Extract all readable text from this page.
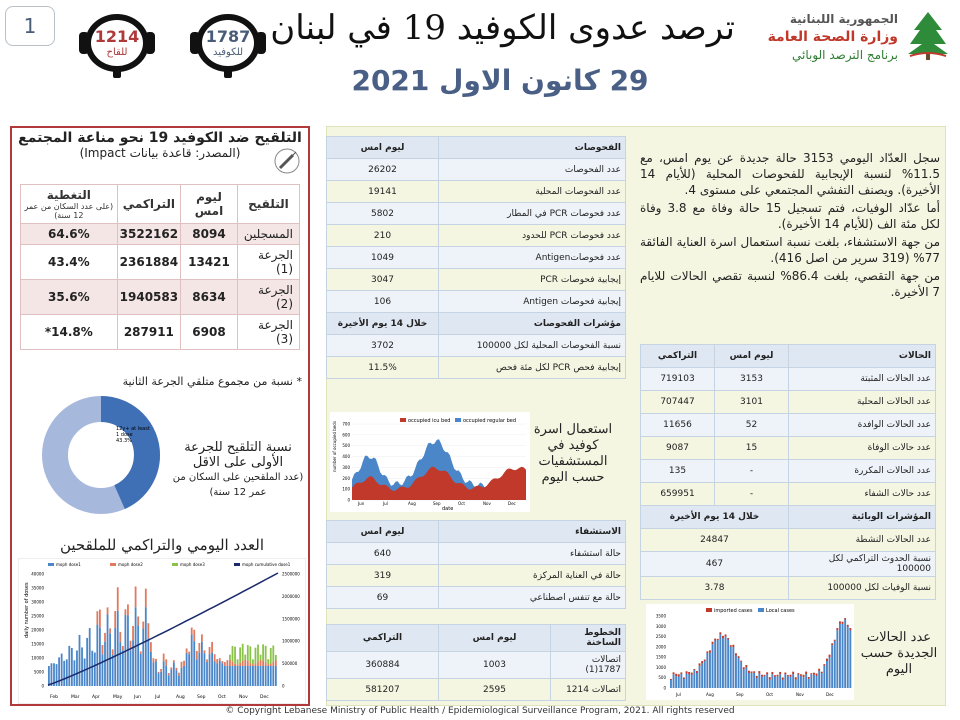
1	1214
للقاح
1787
للكوفيد
ترصد عدوى الكوفيد 19 في لبنان
29 كانون الاول 2021
الجمهورية اللبنانية
وزارة الصحة العامة
برنامج الترصد الوبائي
التلقيح ضد الكوفيد 19 نحو مناعة المجتمع
(المصدر: قاعدة بيانات Impact)
التلقيح	ليوم امس	التراكمي	التغطية
(على عدد السكان من عمر 12 سنة)

المسجلين	8094	3522162	64.6%
الجرعة (1)	13421	2361884	43.4%
الجرعة (2)	8634	1940583	35.6%
الجرعة (3)	6908	287911	14.8%*
* نسبة من مجموع متلقي الجرعة الثانية
12y+ at least
1 dose
43.3%	نسبة التلقيح للجرعة الأولى على الاقل
(عدد الملقحين على السكان من عمر 12 سنة)
العدد اليومي والتراكمي للملقحين
moph dose1	moph dose2	moph dose3	moph cumulative dose1
daily number of doses
0
5000
10000
15000
20000
25000
30000
35000
40000
0
500000
1000000
1500000
2000000
2500000
Feb	Mar	Apr	May	Jun	Jul	Aug	Sep	Oct	Nov	Dec
الفحوصات	ليوم امس
عدد الفحوصات	26202
عدد الفحوصات المحلية	19141
عدد فحوصات PCR في المطار	5802
عدد فحوصات PCR للحدود	210
عدد فحوصاتAntigen	1049
إيجابية فحوصات PCR	3047
إيجابية فحوصات Antigen	106
مؤشرات الفحوصات	خلال 14 يوم الأخيرة
نسبة الفحوصات المحلية لكل 100000	3702
إيجابية فحص PCR لكل مئة فحص	11.5%
occupied icu bed	occupied regular bed
number of occupied beds
0
100
200
300
400
500
600
700
Jun	Jul	Aug	Sep	Oct	Nov	Dec
date
استعمال اسرة كوفيد في المستشفيات حسب اليوم
الاستشفاء	ليوم امس
حالة استشفاء	640
حالة في العناية المركزة	319
حالة مع تنفس اصطناعي	69
الخطوط الساخنة	ليوم امس	التراكمي
اتصالات 1787(1)	1003	360884
اتصالات 1214	2595	581207

سجل العدّاد اليومي 3153 حالة جديدة عن يوم امس، مع 11.5% لنسبة الإيجابية للفحوصات المحلية (للأيام 14 الأخيرة). ويصنف التفشي المجتمعي على مستوى 4.

أما عدّاد الوفيات، فتم تسجيل 15 حالة وفاة مع 3.8 وفاة لكل مئة الف (للأيام 14 الأخيرة).

من جهة الاستشفاء، بلغت نسبة استعمال اسرة العناية الفائقة 77% (319 سرير من اصل 416).

من جهة التقصي، بلغت 86.4% لنسبة تقصي الحالات للايام 7 الأخيرة.

الحالات	ليوم امس	التراكمي
عدد الحالات المثبتة	3153	719103
عدد الحالات المحلية	3101	707447
عدد الحالات الوافدة	52	11656
عدد حالات الوفاة	15	9087
عدد الحالات المكررة	-	135
عدد حالات الشفاء	-	659951
المؤشرات الوبائية	خلال 14 يوم الأخيرة	
عدد الحالات النشطة	24847	
نسبة الحدوث التراكمي لكل 100000	467	
نسبة الوفيات لكل 100000	3.78	
imported cases	Local cases
0
500
1000
1500
2000
2500
3000
3500
Jul	Aug	Sep	Oct	Nov	Dec
عدد الحالات الجديدة حسب اليوم
© Copyright Lebanese Ministry of Public Health / Epidemiological Surveillance Program, 2021. All rights reserved
